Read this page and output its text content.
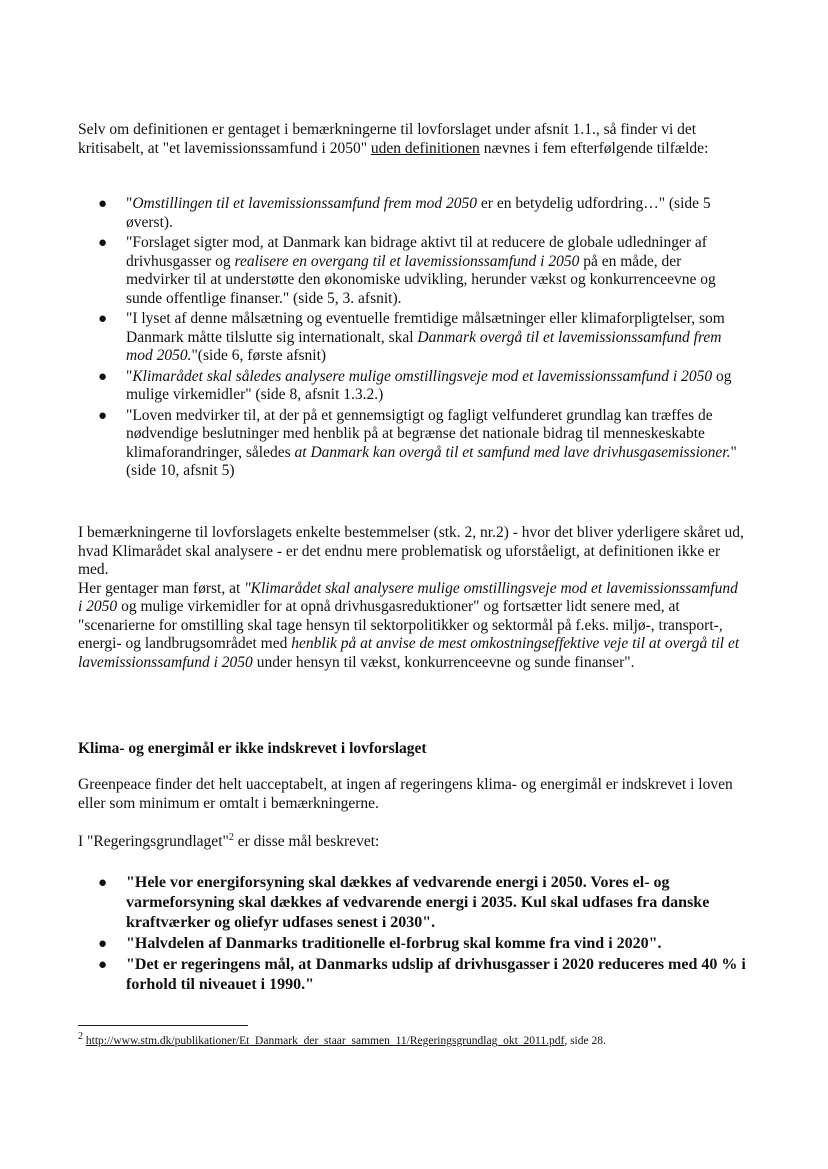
Selv om definitionen er gentaget i bemærkningerne til lovforslaget under afsnit 1.1., så finder vi det kritisabelt, at "et lavemissionssamfund i 2050" uden definitionen nævnes i fem efterfølgende tilfælde:

● "Omstillingen til et lavemissionssamfund frem mod 2050 er en betydelig udfordring…" (side 5 øverst).
● "Forslaget sigter mod, at Danmark kan bidrage aktivt til at reducere de globale udledninger af drivhusgasser og realisere en overgang til et lavemissionssamfund i 2050 på en måde, der medvirker til at understøtte den økonomiske udvikling, herunder vækst og konkurrenceevne og sunde offentlige finanser." (side 5, 3. afsnit).
● "I lyset af denne målsætning og eventuelle fremtidige målsætninger eller klimaforpligtelser, som Danmark måtte tilslutte sig internationalt, skal Danmark overgå til et lavemissionssamfund frem mod 2050."(side 6, første afsnit)
● "Klimarådet skal således analysere mulige omstillingsveje mod et lavemissionssamfund i 2050 og mulige virkemidler" (side 8, afsnit 1.3.2.)
● "Loven medvirker til, at der på et gennemsigtigt og fagligt velfunderet grundlag kan træffes de nødvendige beslutninger med henblik på at begrænse det nationale bidrag til menneskeskabte klimaforandringer, således at Danmark kan overgå til et samfund med lave drivhusgasemissioner." (side 10, afsnit 5)

I bemærkningerne til lovforslagets enkelte bestemmelser (stk. 2, nr.2) - hvor det bliver yderligere skåret ud, hvad Klimarådet skal analysere - er det endnu mere problematisk og uforståeligt, at definitionen ikke er med.
Her gentager man først, at "Klimarådet skal analysere mulige omstillingsveje mod et lavemissionssamfund i 2050 og mulige virkemidler for at opnå drivhusgasreduktioner" og fortsætter lidt senere med, at "scenarierne for omstilling skal tage hensyn til sektorpolitikker og sektormål på f.eks. miljø-, transport-, energi- og landbrugsområdet med henblik på at anvise de mest omkostningseffektive veje til at overgå til et lavemissionssamfund i 2050 under hensyn til vækst, konkurrenceevne og sunde finanser".

Klima- og energimål er ikke indskrevet i lovforslaget

Greenpeace finder det helt uacceptabelt, at ingen af regeringens klima- og energimål er indskrevet i loven eller som minimum er omtalt i bemærkningerne.

I "Regeringsgrundlaget"$^2$ er disse mål beskrevet:

● "Hele vor energiforsyning skal dækkes af vedvarende energi i 2050. Vores el- og varmeforsyning skal dækkes af vedvarende energi i 2035. Kul skal udfases fra danske kraftværker og oliefyr udfases senest i 2030".
● "Halvdelen af Danmarks traditionelle el-forbrug skal komme fra vind i 2020".
● "Det er regeringens mål, at Danmarks udslip af drivhusgasser i 2020 reduceres med 40 % i forhold til niveauet i 1990."
$^2$ http://www.stm.dk/publikationer/Et_Danmark_der_staar_sammen_11/Regeringsgrundlag_okt_2011.pdf, side 28.
